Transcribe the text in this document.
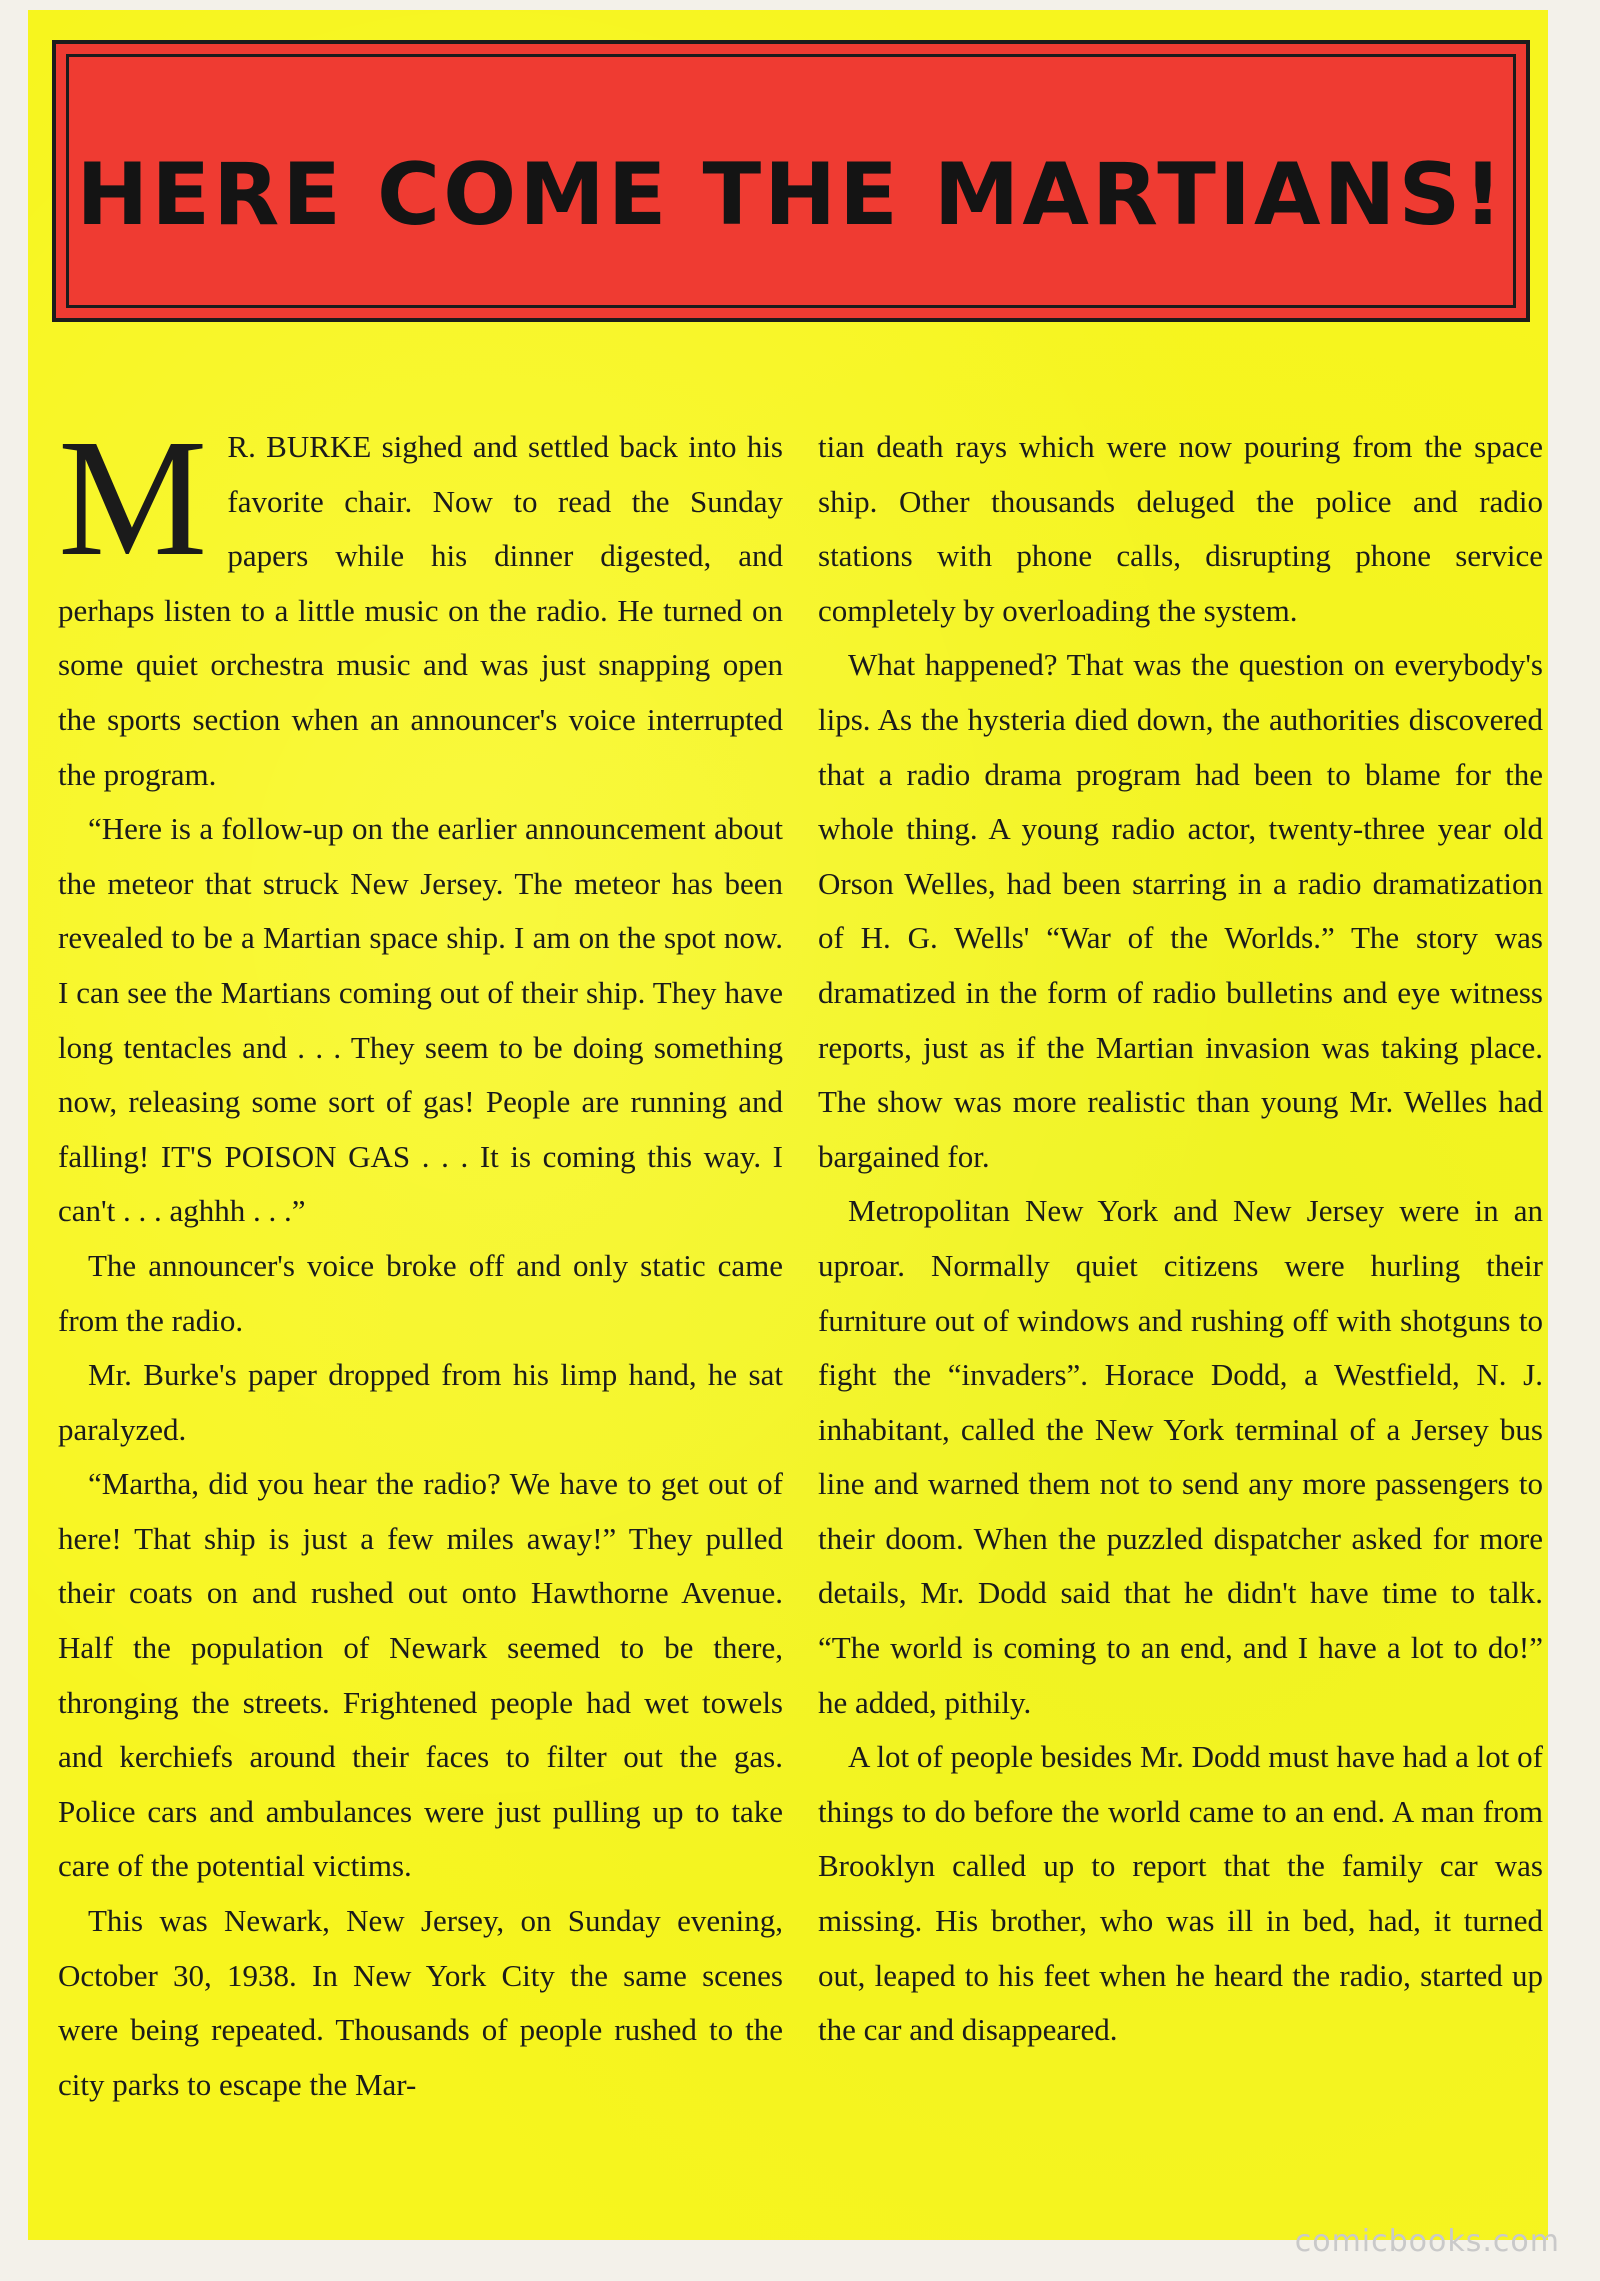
HERE COME THE MARTIANS!

M R. BURKE sighed and settled back into his favorite chair. Now to read the Sunday papers while his dinner digested, and perhaps listen to a little music on the radio. He turned on some quiet orchestra music and was just snapping open the sports section when an announcer's voice interrupted the program.

“Here is a follow-up on the earlier announcement about the meteor that struck New Jersey. The meteor has been revealed to be a Martian space ship. I am on the spot now. I can see the Martians coming out of their ship. They have long tentacles and . . . They seem to be doing something now, releasing some sort of gas! People are running and falling! IT'S POISON GAS . . . It is coming this way. I can't . . . aghhh . . .”

The announcer's voice broke off and only static came from the radio.

Mr. Burke's paper dropped from his limp hand, he sat paralyzed.

“Martha, did you hear the radio? We have to get out of here! That ship is just a few miles away!” They pulled their coats on and rushed out onto Hawthorne Avenue. Half the population of Newark seemed to be there, thronging the streets. Frightened people had wet towels and kerchiefs around their faces to filter out the gas. Police cars and ambulances were just pulling up to take care of the potential victims.

This was Newark, New Jersey, on Sunday evening, October 30, 1938. In New York City the same scenes were being repeated. Thousands of people rushed to the city parks to escape the Mar-

tian death rays which were now pouring from the space ship. Other thousands deluged the police and radio stations with phone calls, disrupting phone service completely by overloading the system.

What happened? That was the question on everybody's lips. As the hysteria died down, the authorities discovered that a radio drama program had been to blame for the whole thing. A young radio actor, twenty-three year old Orson Welles, had been starring in a radio dramatization of H. G. Wells' “War of the Worlds.” The story was dramatized in the form of radio bulletins and eye witness reports, just as if the Martian invasion was taking place. The show was more realistic than young Mr. Welles had bargained for.

Metropolitan New York and New Jersey were in an uproar. Normally quiet citizens were hurling their furniture out of windows and rushing off with shotguns to fight the “invaders”. Horace Dodd, a Westfield, N. J. inhabitant, called the New York terminal of a Jersey bus line and warned them not to send any more passengers to their doom. When the puzzled dispatcher asked for more details, Mr. Dodd said that he didn't have time to talk. “The world is coming to an end, and I have a lot to do!” he added, pithily.

A lot of people besides Mr. Dodd must have had a lot of things to do before the world came to an end. A man from Brooklyn called up to report that the family car was missing. His brother, who was ill in bed, had, it turned out, leaped to his feet when he heard the radio, started up the car and disappeared.

comicbooks.com
